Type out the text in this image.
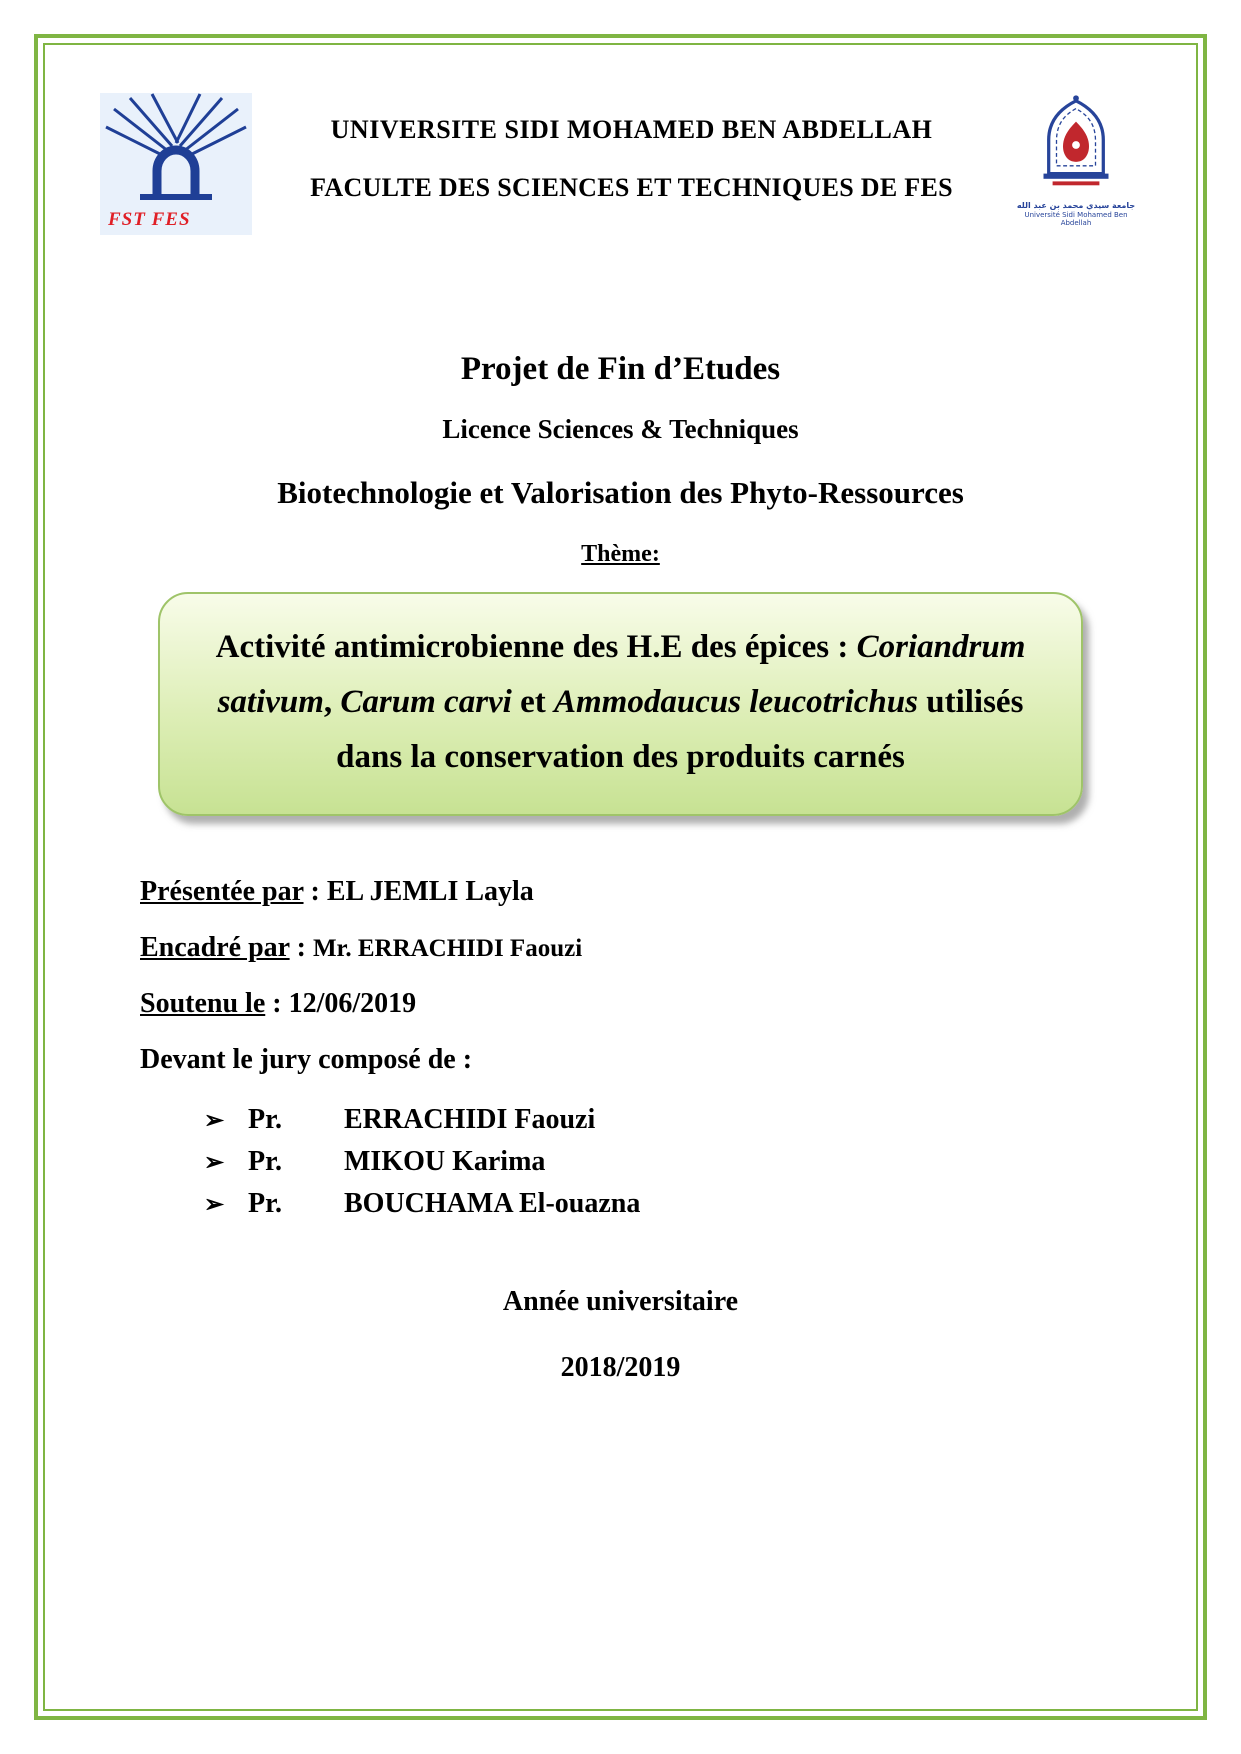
FST FES
UNIVERSITE SIDI MOHAMED BEN ABDELLAH
FACULTE DES SCIENCES ET TECHNIQUES DE FES
جامعة سيدي محمد بن عبد الله
Université Sidi Mohamed Ben Abdellah
Projet de Fin d’Etudes
Licence Sciences & Techniques
Biotechnologie et Valorisation des Phyto-Ressources
Thème:

Activité antimicrobienne des H.E des épices : Coriandrum sativum, Carum carvi et Ammodaucus leucotrichus utilisés dans la conservation des produits carnés

Présentée par : EL JEMLI Layla
Encadré par : Mr. ERRACHIDI Faouzi
Soutenu le : 12/06/2019
Devant le jury composé de :
➢ Pr.	ERRACHIDI Faouzi
➢ Pr.	MIKOU Karima
➢ Pr.	BOUCHAMA El-ouazna
Année universitaire
2018/2019
